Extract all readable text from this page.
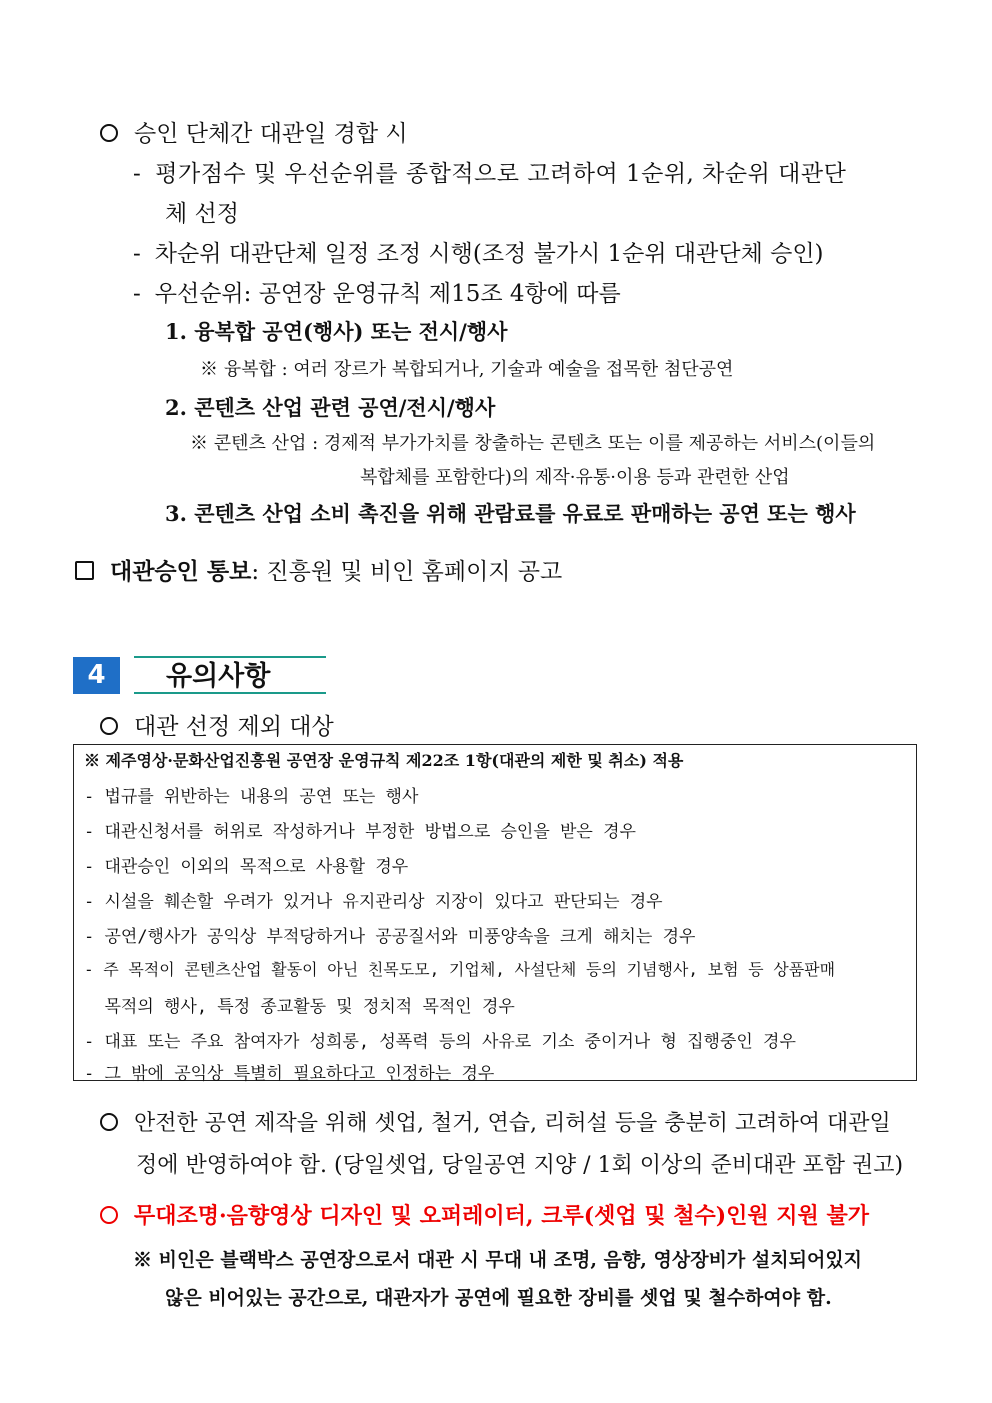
승인 단체간 대관일 경합 시
- 평가점수 및 우선순위를 종합적으로 고려하여 1순위, 차순위 대관단
체 선정
- 차순위 대관단체 일정 조정 시행(조정 불가시 1순위 대관단체 승인)
- 우선순위: 공연장 운영규칙 제15조 4항에 따름
1. 융복합 공연(행사) 또는 전시/행사
※ 융복합 : 여러 장르가 복합되거나, 기술과 예술을 접목한 첨단공연
2. 콘텐츠 산업 관련 공연/전시/행사
※ 콘텐츠 산업 : 경제적 부가가치를 창출하는 콘텐츠 또는 이를 제공하는 서비스(이들의
복합체를 포함한다)의 제작·유통·이용 등과 관련한 산업
3. 콘텐츠 산업 소비 촉진을 위해 관람료를 유료로 판매하는 공연 또는 행사
대관승인 통보: 진흥원 및 비인 홈페이지 공고
4	유의사항
대관 선정 제외 대상
※ 제주영상·문화산업진흥원 공연장 운영규칙 제22조 1항(대관의 제한 및 취소) 적용
- 법규를 위반하는 내용의 공연 또는 행사
- 대관신청서를 허위로 작성하거나 부정한 방법으로 승인을 받은 경우
- 대관승인 이외의 목적으로 사용할 경우
- 시설을 훼손할 우려가 있거나 유지관리상 지장이 있다고 판단되는 경우
- 공연/행사가 공익상 부적당하거나 공공질서와 미풍양속을 크게 해치는 경우
- 주 목적이 콘텐츠산업 활동이 아닌 친목도모, 기업체, 사설단체 등의 기념행사, 보험 등 상품판매
목적의 행사, 특정 종교활동 및 정치적 목적인 경우
- 대표 또는 주요 참여자가 성희롱, 성폭력 등의 사유로 기소 중이거나 형 집행중인 경우
- 그 밖에 공익상 특별히 필요하다고 인정하는 경우
안전한 공연 제작을 위해 셋업, 철거, 연습, 리허설 등을 충분히 고려하여 대관일
정에 반영하여야 함. (당일셋업, 당일공연 지양 / 1회 이상의 준비대관 포함 권고)
무대조명·음향영상 디자인 및 오퍼레이터, 크루(셋업 및 철수)인원 지원 불가
※ 비인은 블랙박스 공연장으로서 대관 시 무대 내 조명, 음향, 영상장비가 설치되어있지
않은 비어있는 공간으로, 대관자가 공연에 필요한 장비를 셋업 및 철수하여야 함.
